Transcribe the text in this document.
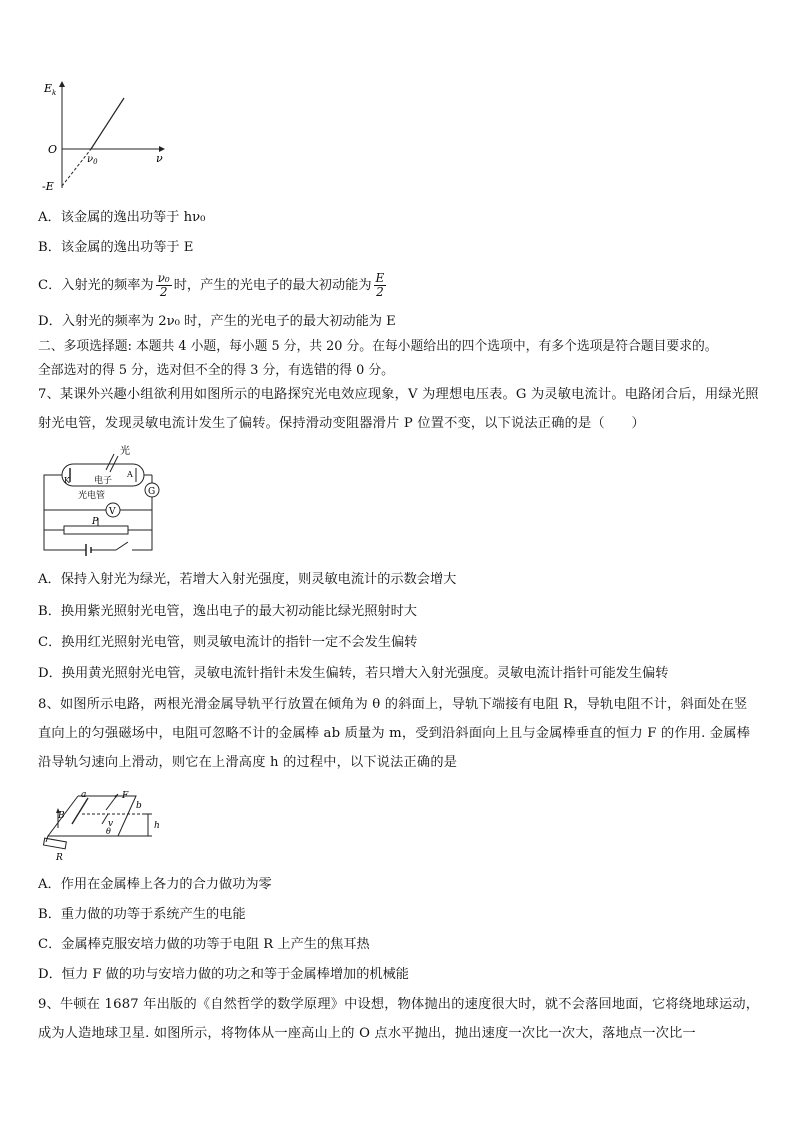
$E_k$
O
ν
$\nu_0$
-E
A．该金属的逸出功等于 hν₀
B．该金属的逸出功等于 E
C．入射光的频率为 $\frac{\text{ν₀}}{2}$ 时，产生的光电子的最大初动能为 $\frac{E}{2}$
D．入射光的频率为 2ν₀ 时，产生的光电子的最大初动能为 E
二、多项选择题: 本题共 4 小题，每小题 5 分，共 20 分。在每小题给出的四个选项中，有多个选项是符合题目要求的。
全部选对的得 5 分，选对但不全的得 3 分，有选错的得 0 分。
7、某课外兴趣小组欲利用如图所示的电路探究光电效应现象，V 为理想电压表。G 为灵敏电流计。电路闭合后，用绿光照射光电管，发现灵敏电流计发生了偏转。保持滑动变阻器滑片 P 位置不变，以下说法正确的是（　　）
光
K
A
电子
光电管	G
V
P
A．保持入射光为绿光，若增大入射光强度，则灵敏电流计的示数会增大
B．换用紫光照射光电管，逸出电子的最大初动能比绿光照射时大
C．换用红光照射光电管，则灵敏电流计的指针一定不会发生偏转
D．换用黄光照射光电管，灵敏电流针指针未发生偏转，若只增大入射光强度。灵敏电流计指针可能发生偏转
8、如图所示电路，两根光滑金属导轨平行放置在倾角为 θ 的斜面上，导轨下端接有电阻 R，导轨电阻不计，斜面处在竖直向上的匀强磁场中，电阻可忽略不计的金属棒 ab 质量为 m，受到沿斜面向上且与金属棒垂直的恒力 F 的作用. 金属棒沿导轨匀速向上滑动，则它在上滑高度 h 的过程中，以下说法正确的是
a
b
F
B
v	h
θ
R
A．作用在金属棒上各力的合力做功为零
B．重力做的功等于系统产生的电能
C．金属棒克服安培力做的功等于电阻 R 上产生的焦耳热
D．恒力 F 做的功与安培力做的功之和等于金属棒增加的机械能
9、牛顿在 1687 年出版的《自然哲学的数学原理》中设想，物体抛出的速度很大时，就不会落回地面，它将绕地球运动，成为人造地球卫星. 如图所示，将物体从一座高山上的 O 点水平抛出，抛出速度一次比一次大，落地点一次比一
